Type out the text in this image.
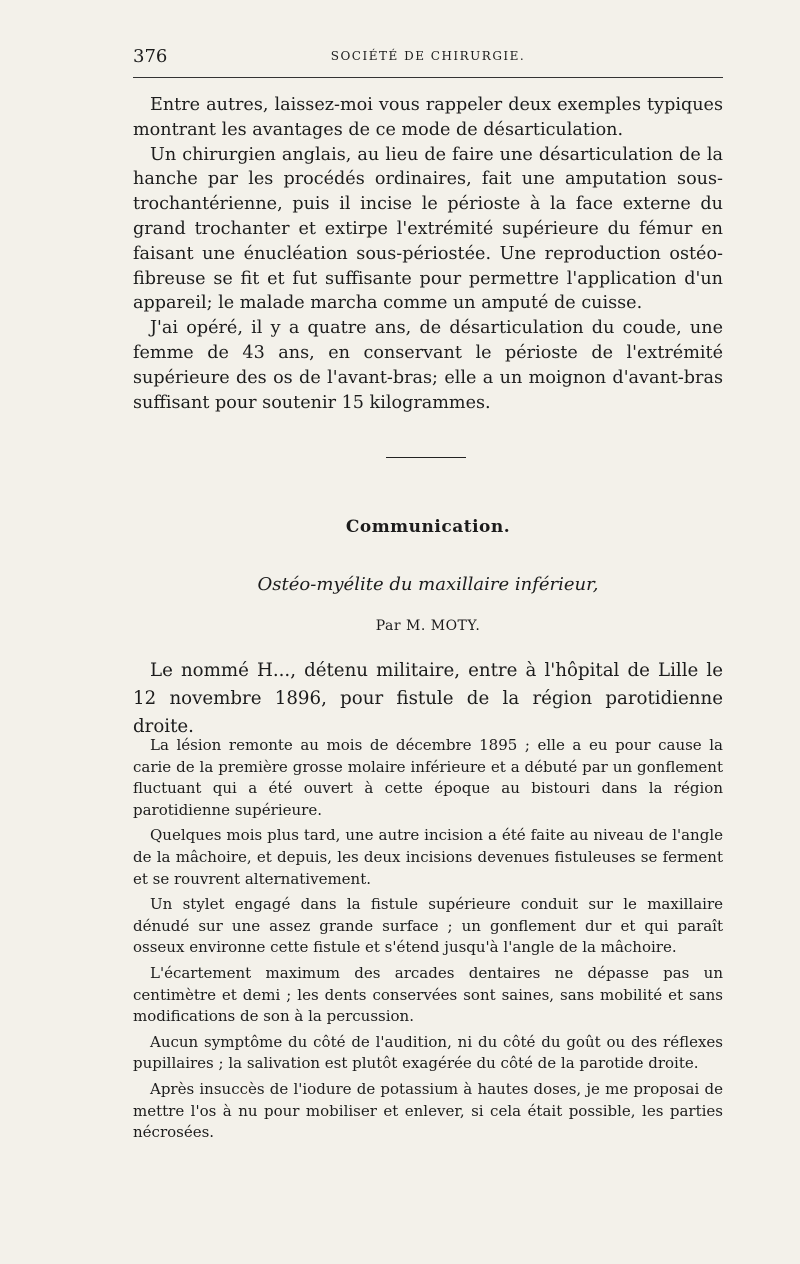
376	SOCIÉTÉ DE CHIRURGIE.

Entre autres, laissez-moi vous rappeler deux exemples typiques montrant les avantages de ce mode de désarticulation.

Un chirurgien anglais, au lieu de faire une désarticulation de la hanche par les procédés ordinaires, fait une amputation sous-trochantérienne, puis il incise le périoste à la face externe du grand trochanter et extirpe l'extrémité supérieure du fémur en faisant une énucléation sous-périostée. Une reproduction ostéo-fibreuse se fit et fut suffisante pour permettre l'application d'un appareil; le malade marcha comme un amputé de cuisse.

J'ai opéré, il y a quatre ans, de désarticulation du coude, une femme de 43 ans, en conservant le périoste de l'extrémité supérieure des os de l'avant-bras; elle a un moignon d'avant-bras suffisant pour soutenir 15 kilogrammes.

Communication.
Ostéo-myélite du maxillaire inférieur,
Par M. MOTY.

Le nommé H..., détenu militaire, entre à l'hôpital de Lille le 12 novembre 1896, pour fistule de la région parotidienne droite.

La lésion remonte au mois de décembre 1895 ; elle a eu pour cause la carie de la première grosse molaire inférieure et a débuté par un gonflement fluctuant qui a été ouvert à cette époque au bistouri dans la région parotidienne supérieure.

Quelques mois plus tard, une autre incision a été faite au niveau de l'angle de la mâchoire, et depuis, les deux incisions devenues fistuleuses se ferment et se rouvrent alternativement.

Un stylet engagé dans la fistule supérieure conduit sur le maxillaire dénudé sur une assez grande surface ; un gonflement dur et qui paraît osseux environne cette fistule et s'étend jusqu'à l'angle de la mâchoire.

L'écartement maximum des arcades dentaires ne dépasse pas un centimètre et demi ; les dents conservées sont saines, sans mobilité et sans modifications de son à la percussion.

Aucun symptôme du côté de l'audition, ni du côté du goût ou des réflexes pupillaires ; la salivation est plutôt exagérée du côté de la parotide droite.

Après insuccès de l'iodure de potassium à hautes doses, je me proposai de mettre l'os à nu pour mobiliser et enlever, si cela était possible, les parties nécrosées.
